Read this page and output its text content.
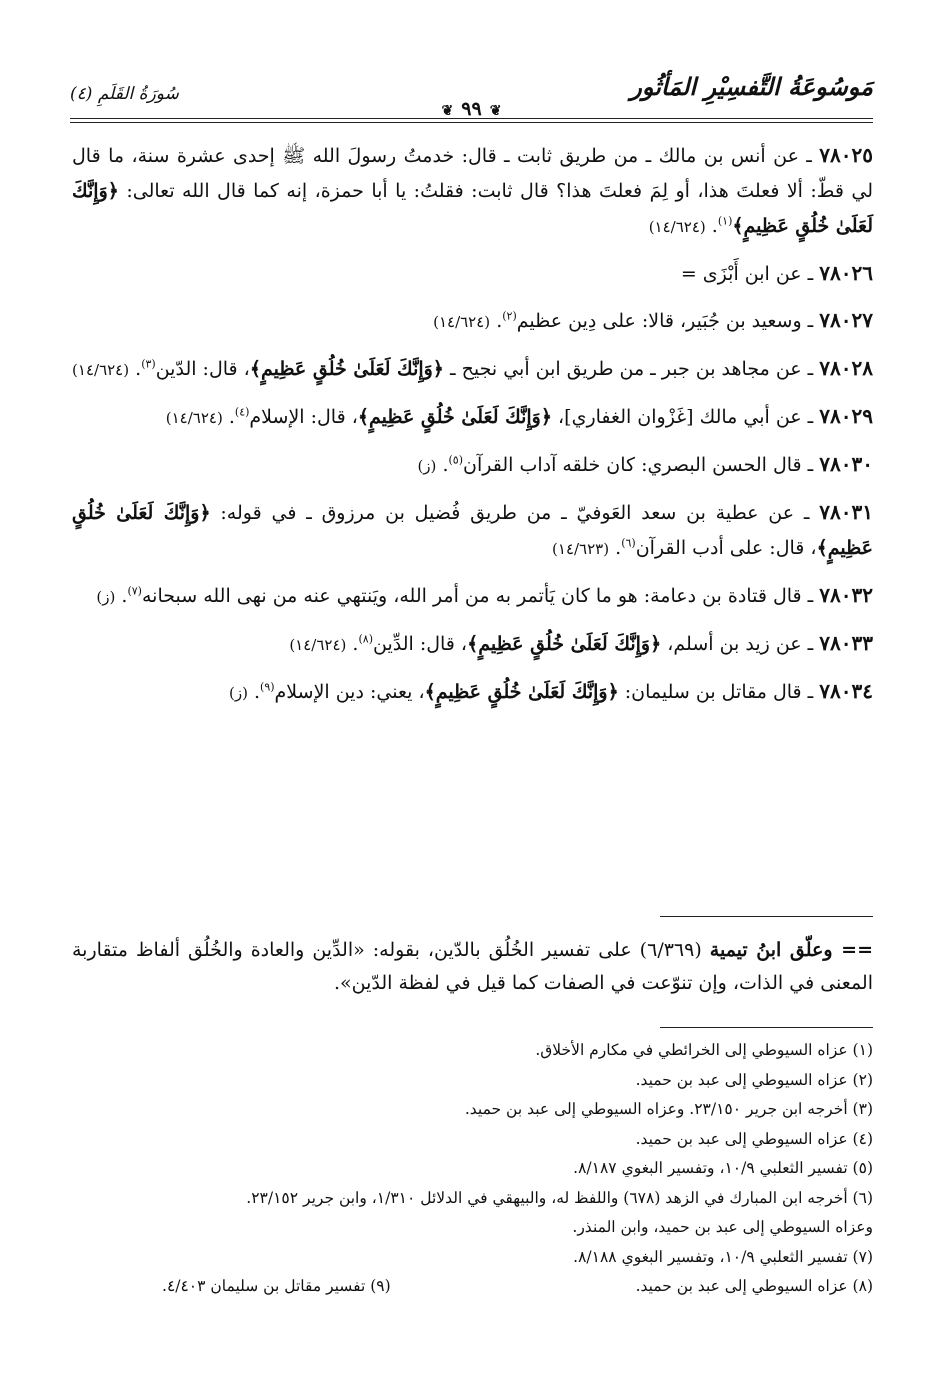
مَوسُوعَةُ التَّفسِيْرِ المَأثُور
سُورَةُ القَلَمِ (٤)
❦٩٩❦
٧٨٠٢٥ ـ عن أنس بن مالك ـ من طريق ثابت ـ قال: خدمتُ رسولَ الله ﷺ إحدى عشرة سنة، ما قال لي قطّ: ألا فعلتَ هذا، أو لِمَ فعلتَ هذا؟ قال ثابت: فقلتُ: يا أبا حمزة، إنه كما قال الله تعالى: ﴿وَإِنَّكَ لَعَلَىٰ خُلُقٍ عَظِيمٍ﴾$^{(١)}$. (١٤/٦٢٤)
٧٨٠٢٦ ـ عن ابن أَبْزَى =
٧٨٠٢٧ ـ وسعيد بن جُبَير، قالا: على دِين عظيم$^{(٢)}$. (١٤/٦٢٤)
٧٨٠٢٨ ـ عن مجاهد بن جبر ـ من طريق ابن أبي نجيح ـ ﴿وَإِنَّكَ لَعَلَىٰ خُلُقٍ عَظِيمٍ﴾، قال: الدّين$^{(٣)}$. (١٤/٦٢٤)
٧٨٠٢٩ ـ عن أبي مالك [غَزْوان الغفاري]، ﴿وَإِنَّكَ لَعَلَىٰ خُلُقٍ عَظِيمٍ﴾، قال: الإسلام$^{(٤)}$. (١٤/٦٢٤)
٧٨٠٣٠ ـ قال الحسن البصري: كان خلقه آداب القرآن$^{(٥)}$. (ز)
٧٨٠٣١ ـ عن عطية بن سعد العَوفيّ ـ من طريق فُضيل بن مرزوق ـ في قوله: ﴿وَإِنَّكَ لَعَلَىٰ خُلُقٍ عَظِيمٍ﴾، قال: على أدب القرآن$^{(٦)}$. (١٤/٦٢٣)
٧٨٠٣٢ ـ قال قتادة بن دعامة: هو ما كان يَأتمر به من أمر الله، ويَنتهي عنه من نهى الله سبحانه$^{(٧)}$. (ز)
٧٨٠٣٣ ـ عن زيد بن أسلم، ﴿وَإِنَّكَ لَعَلَىٰ خُلُقٍ عَظِيمٍ﴾، قال: الدِّين$^{(٨)}$. (١٤/٦٢٤)
٧٨٠٣٤ ـ قال مقاتل بن سليمان: ﴿وَإِنَّكَ لَعَلَىٰ خُلُقٍ عَظِيمٍ﴾، يعني: دين الإسلام$^{(٩)}$. (ز)
== وعلّق ابنُ تيمية (٦/٣٦٩) على تفسير الخُلُق بالدّين، بقوله: «الدِّين والعادة والخُلُق ألفاظ متقاربة المعنى في الذات، وإن تنوّعت في الصفات كما قيل في لفظة الدّين».
(١) عزاه السيوطي إلى الخرائطي في مكارم الأخلاق.
(٢) عزاه السيوطي إلى عبد بن حميد.
(٣) أخرجه ابن جرير ٢٣/١٥٠. وعزاه السيوطي إلى عبد بن حميد.
(٤) عزاه السيوطي إلى عبد بن حميد.
(٥) تفسير الثعلبي ١٠/٩، وتفسير البغوي ٨/١٨٧.
(٦) أخرجه ابن المبارك في الزهد (٦٧٨) واللفظ له، والبيهقي في الدلائل ١/٣١٠، وابن جرير ٢٣/١٥٢.
وعزاه السيوطي إلى عبد بن حميد، وابن المنذر.
(٧) تفسير الثعلبي ١٠/٩، وتفسير البغوي ٨/١٨٨.
(٨) عزاه السيوطي إلى عبد بن حميد.
(٩) تفسير مقاتل بن سليمان ٤/٤٠٣.
